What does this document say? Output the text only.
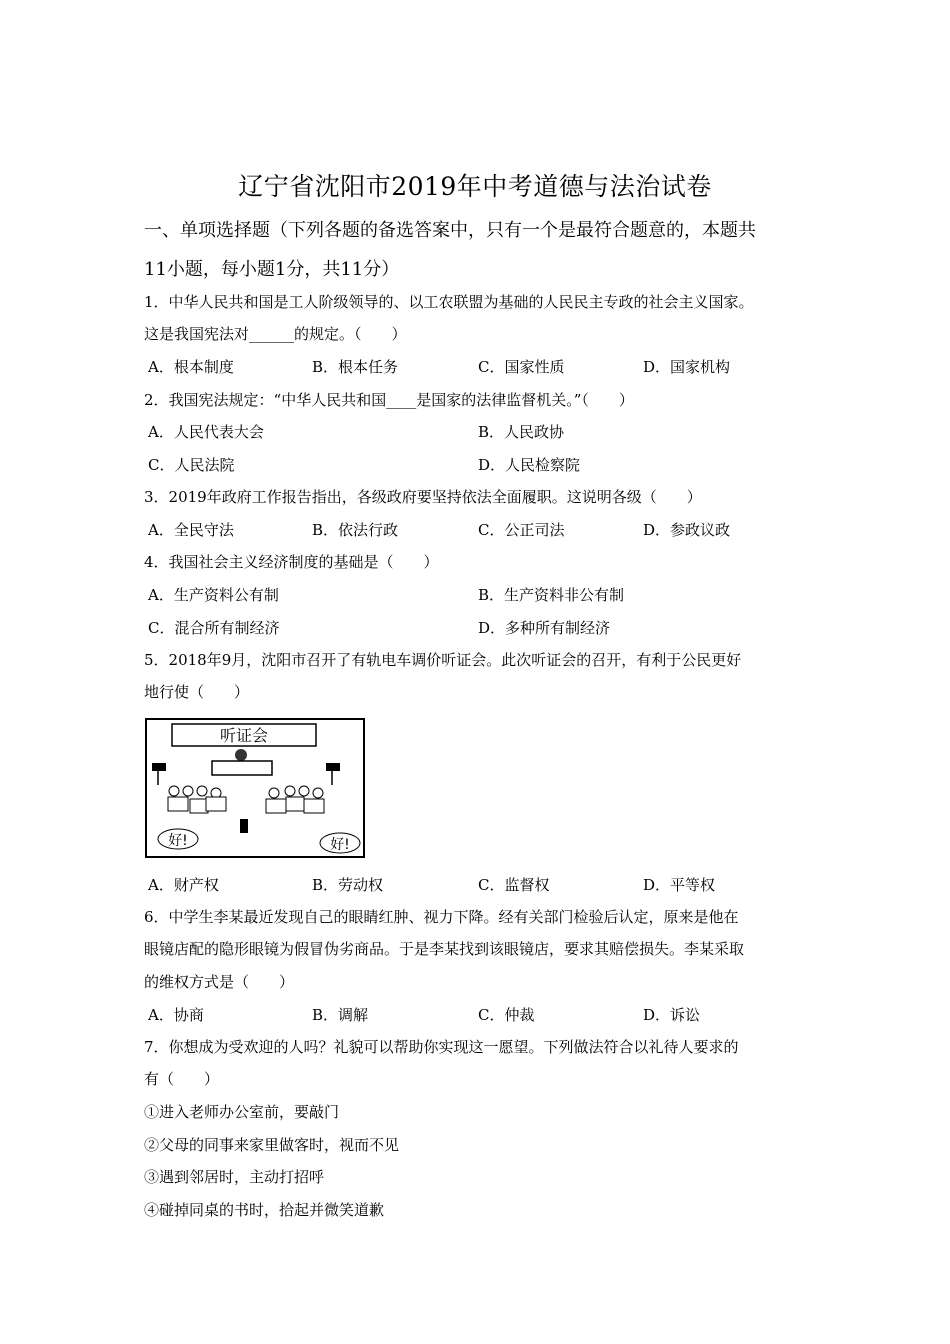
辽宁省沈阳市2019年中考道德与法治试卷
一、单项选择题（下列各题的备选答案中，只有一个是最符合题意的，本题共
11小题，每小题1分，共11分）
1．中华人民共和国是工人阶级领导的、以工农联盟为基础的人民民主专政的社会主义国家。
这是我国宪法对______的规定。（　　）
A．根本制度	B．根本任务	C．国家性质	D．国家机构
2．我国宪法规定：“中华人民共和国____是国家的法律监督机关。”（　　）
A．人民代表大会	B．人民政协
C．人民法院	D．人民检察院
3．2019年政府工作报告指出，各级政府要坚持依法全面履职。这说明各级（　　）
A．全民守法	B．依法行政	C．公正司法	D．参政议政
4．我国社会主义经济制度的基础是（　　）
A．生产资料公有制	B．生产资料非公有制
C．混合所有制经济	D．多种所有制经济
5．2018年9月，沈阳市召开了有轨电车调价听证会。此次听证会的召开，有利于公民更好
地行使（　　）
听证会
好!	好!
A．财产权	B．劳动权	C．监督权	D．平等权
6．中学生李某最近发现自己的眼睛红肿、视力下降。经有关部门检验后认定，原来是他在
眼镜店配的隐形眼镜为假冒伪劣商品。于是李某找到该眼镜店，要求其赔偿损失。李某采取
的维权方式是（　　）
A．协商	B．调解	C．仲裁	D．诉讼
7．你想成为受欢迎的人吗？礼貌可以帮助你实现这一愿望。下列做法符合以礼待人要求的
有（　　）
①进入老师办公室前，要敲门
②父母的同事来家里做客时，视而不见
③遇到邻居时，主动打招呼
④碰掉同桌的书时，拾起并微笑道歉
